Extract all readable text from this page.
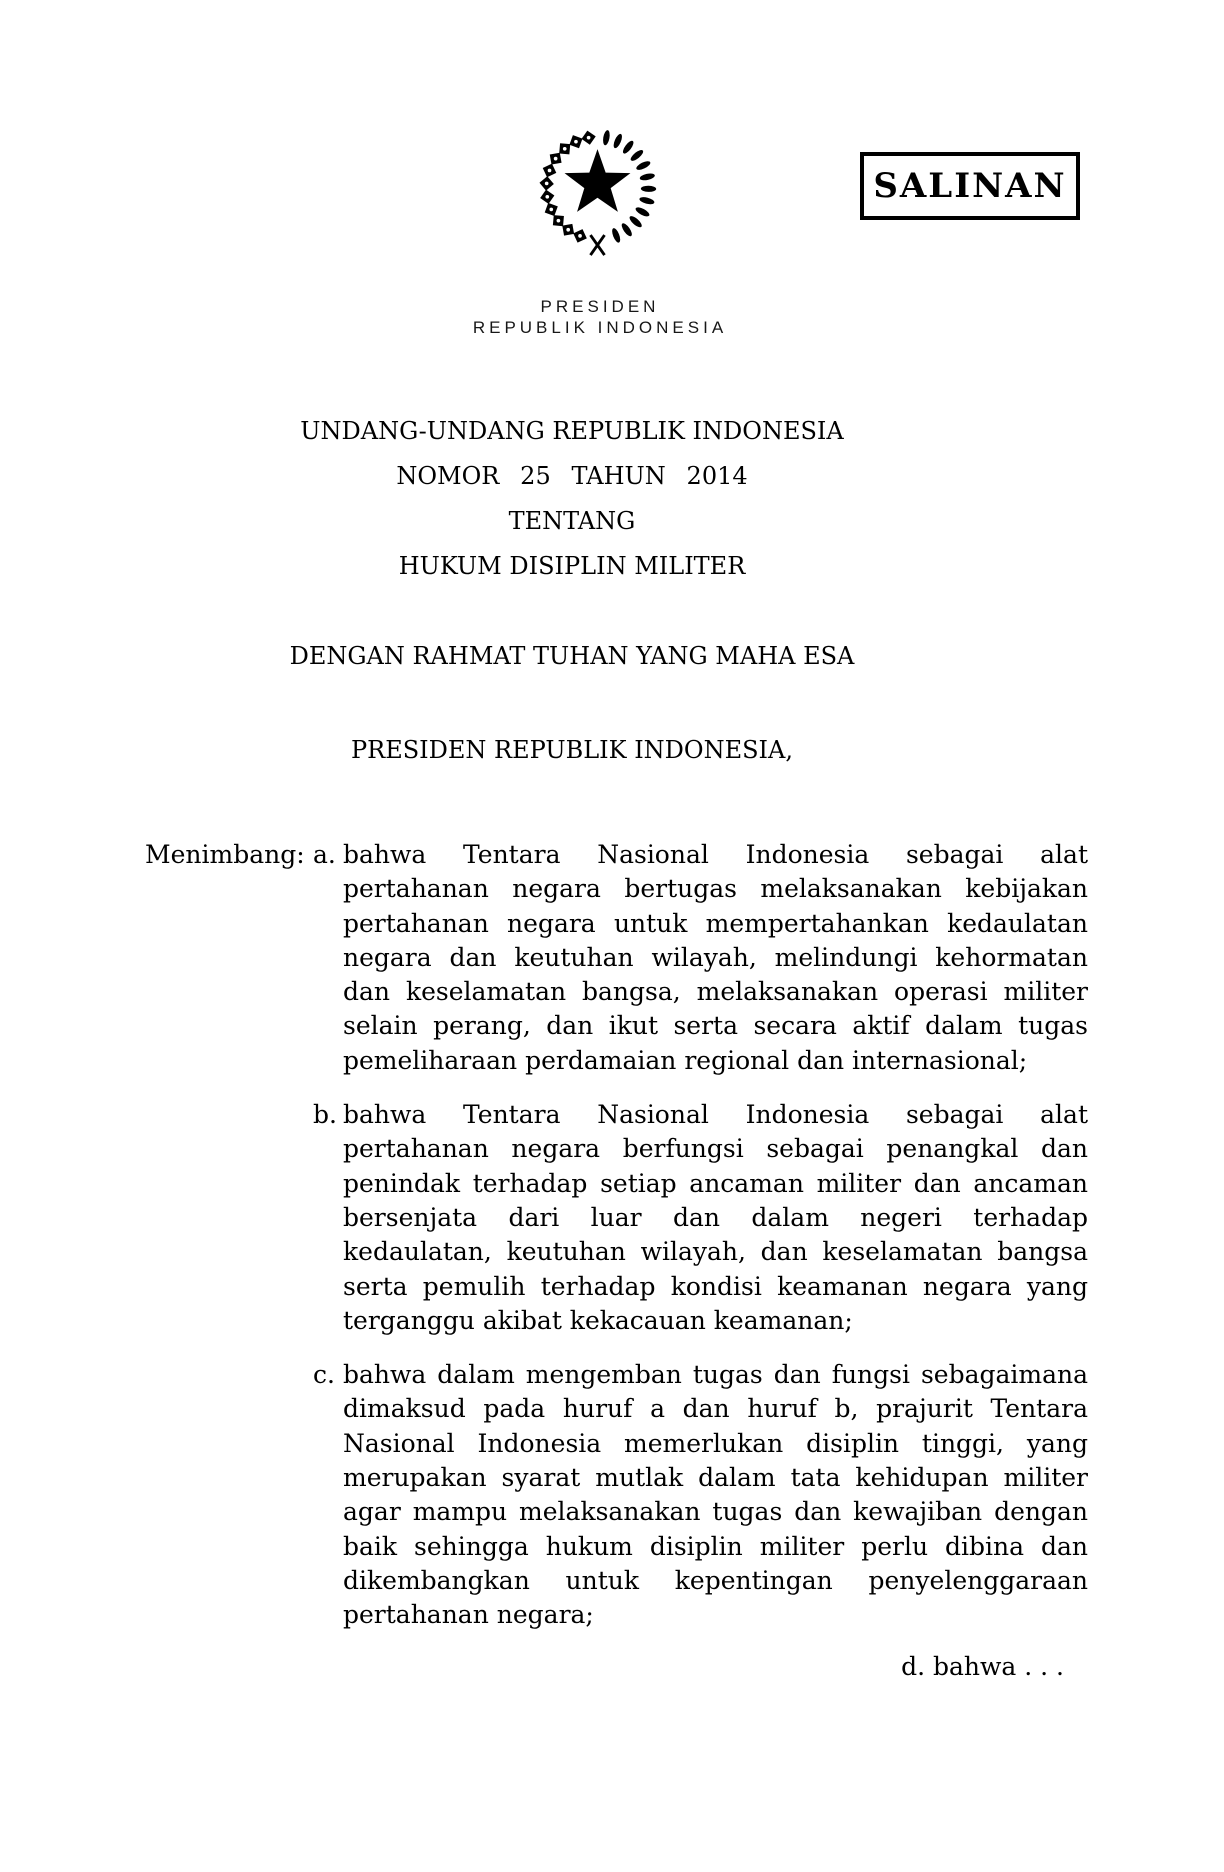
SALINAN
PRESIDEN
REPUBLIK INDONESIA
UNDANG-UNDANG REPUBLIK INDONESIA
NOMOR 25 TAHUN 2014
TENTANG
HUKUM DISIPLIN MILITER
DENGAN RAHMAT TUHAN YANG MAHA ESA
PRESIDEN REPUBLIK INDONESIA,
Menimbang: a. bahwa Tentara Nasional Indonesia sebagai alat pertahanan negara bertugas melaksanakan kebijakan pertahanan negara untuk mempertahankan kedaulatan negara dan keutuhan wilayah, melindungi kehormatan dan keselamatan bangsa, melaksanakan operasi militer selain perang, dan ikut serta secara aktif dalam tugas pemeliharaan perdamaian regional dan internasional;
b. bahwa Tentara Nasional Indonesia sebagai alat pertahanan negara berfungsi sebagai penangkal dan penindak terhadap setiap ancaman militer dan ancaman bersenjata dari luar dan dalam negeri terhadap kedaulatan, keutuhan wilayah, dan keselamatan bangsa serta pemulih terhadap kondisi keamanan negara yang terganggu akibat kekacauan keamanan;
c. bahwa dalam mengemban tugas dan fungsi sebagaimana dimaksud pada huruf a dan huruf b, prajurit Tentara Nasional Indonesia memerlukan disiplin tinggi, yang merupakan syarat mutlak dalam tata kehidupan militer agar mampu melaksanakan tugas dan kewajiban dengan baik sehingga hukum disiplin militer perlu dibina dan dikembangkan untuk kepentingan penyelenggaraan pertahanan negara;
d. bahwa . . .
